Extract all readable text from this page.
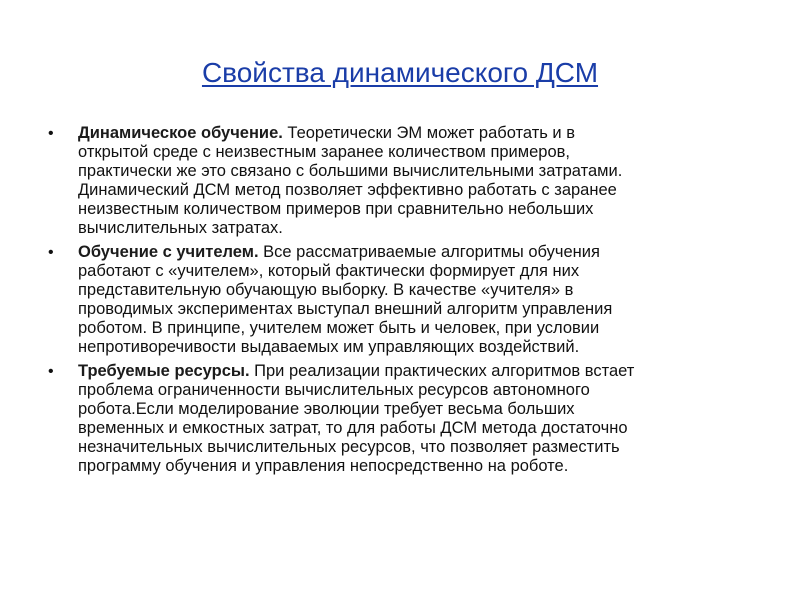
Свойства динамического ДСМ
•	Динамическое обучение. Теоретически ЭМ может работать и в
открытой среде с неизвестным заранее количеством примеров,
практически же это связано с большими вычислительными затратами.
Динамический ДСМ метод позволяет эффективно работать с заранее
неизвестным количеством примеров при сравнительно небольших
вычислительных затратах.
•	Обучение с учителем. Все рассматриваемые алгоритмы обучения
работают с «учителем», который фактически формирует для них
представительную обучающую выборку. В качестве «учителя» в
проводимых экспериментах выступал внешний алгоритм управления
роботом. В принципе, учителем может быть и человек, при условии
непротиворечивости выдаваемых им управляющих воздействий.
•	Требуемые ресурсы. При реализации практических алгоритмов встает
проблема ограниченности вычислительных ресурсов автономного
робота.Если моделирование эволюции требует весьма больших
временных и емкостных затрат, то для работы ДСМ метода достаточно
незначительных вычислительных ресурсов, что позволяет разместить
программу обучения и управления непосредственно на роботе.
